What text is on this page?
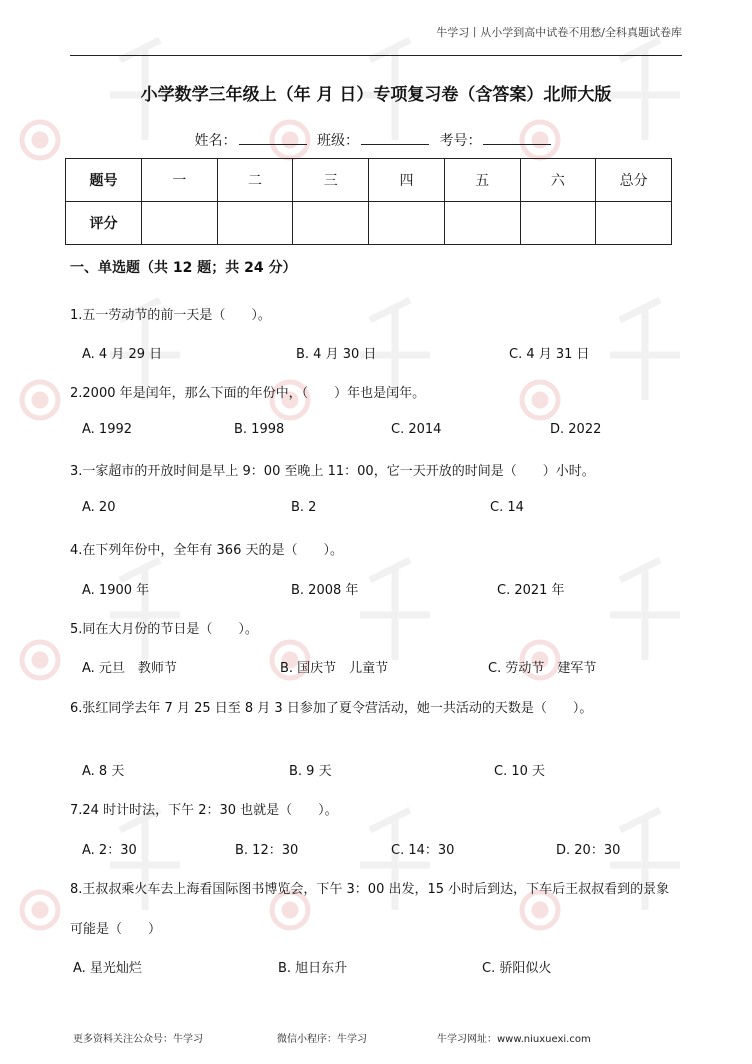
牛学习丨从小学到高中试卷不用愁/全科真题试卷库
小学数学三年级上（年 月 日）专项复习卷（含答案）北师大版
姓名：	班级：	考号：
题号	一	二	三	四	五	六	总分
评分							
一、单选题（共 12 题；共 24 分）
1.五一劳动节的前一天是（　　）。
A. 4 月 29 日	B. 4 月 30 日	C. 4 月 31 日
2.2000 年是闰年，那么下面的年份中，（　　）年也是闰年。
A. 1992	B. 1998	C. 2014	D. 2022
3.一家超市的开放时间是早上 9：00 至晚上 11：00，它一天开放的时间是（　　）小时。
A. 20	B. 2	C. 14
4.在下列年份中，全年有 366 天的是（　　）。
A. 1900 年	B. 2008 年	C. 2021 年
5.同在大月份的节日是（　　）。
A. 元旦　教师节	B. 国庆节　儿童节	C. 劳动节　建军节
6.张红同学去年 7 月 25 日至 8 月 3 日参加了夏令营活动，她一共活动的天数是（　　）。
A. 8 天	B. 9 天	C. 10 天
7.24 时计时法，下午 2：30 也就是（　　）。
A. 2：30	B. 12：30	C. 14：30	D. 20：30
8.王叔叔乘火车去上海看国际图书博览会，下午 3：00 出发，15 小时后到达，下车后王叔叔看到的景象
可能是（　　）
A. 星光灿烂	B. 旭日东升	C. 骄阳似火
更多资料关注公众号：牛学习	微信小程序：牛学习	牛学习网址：www.niuxuexi.com
